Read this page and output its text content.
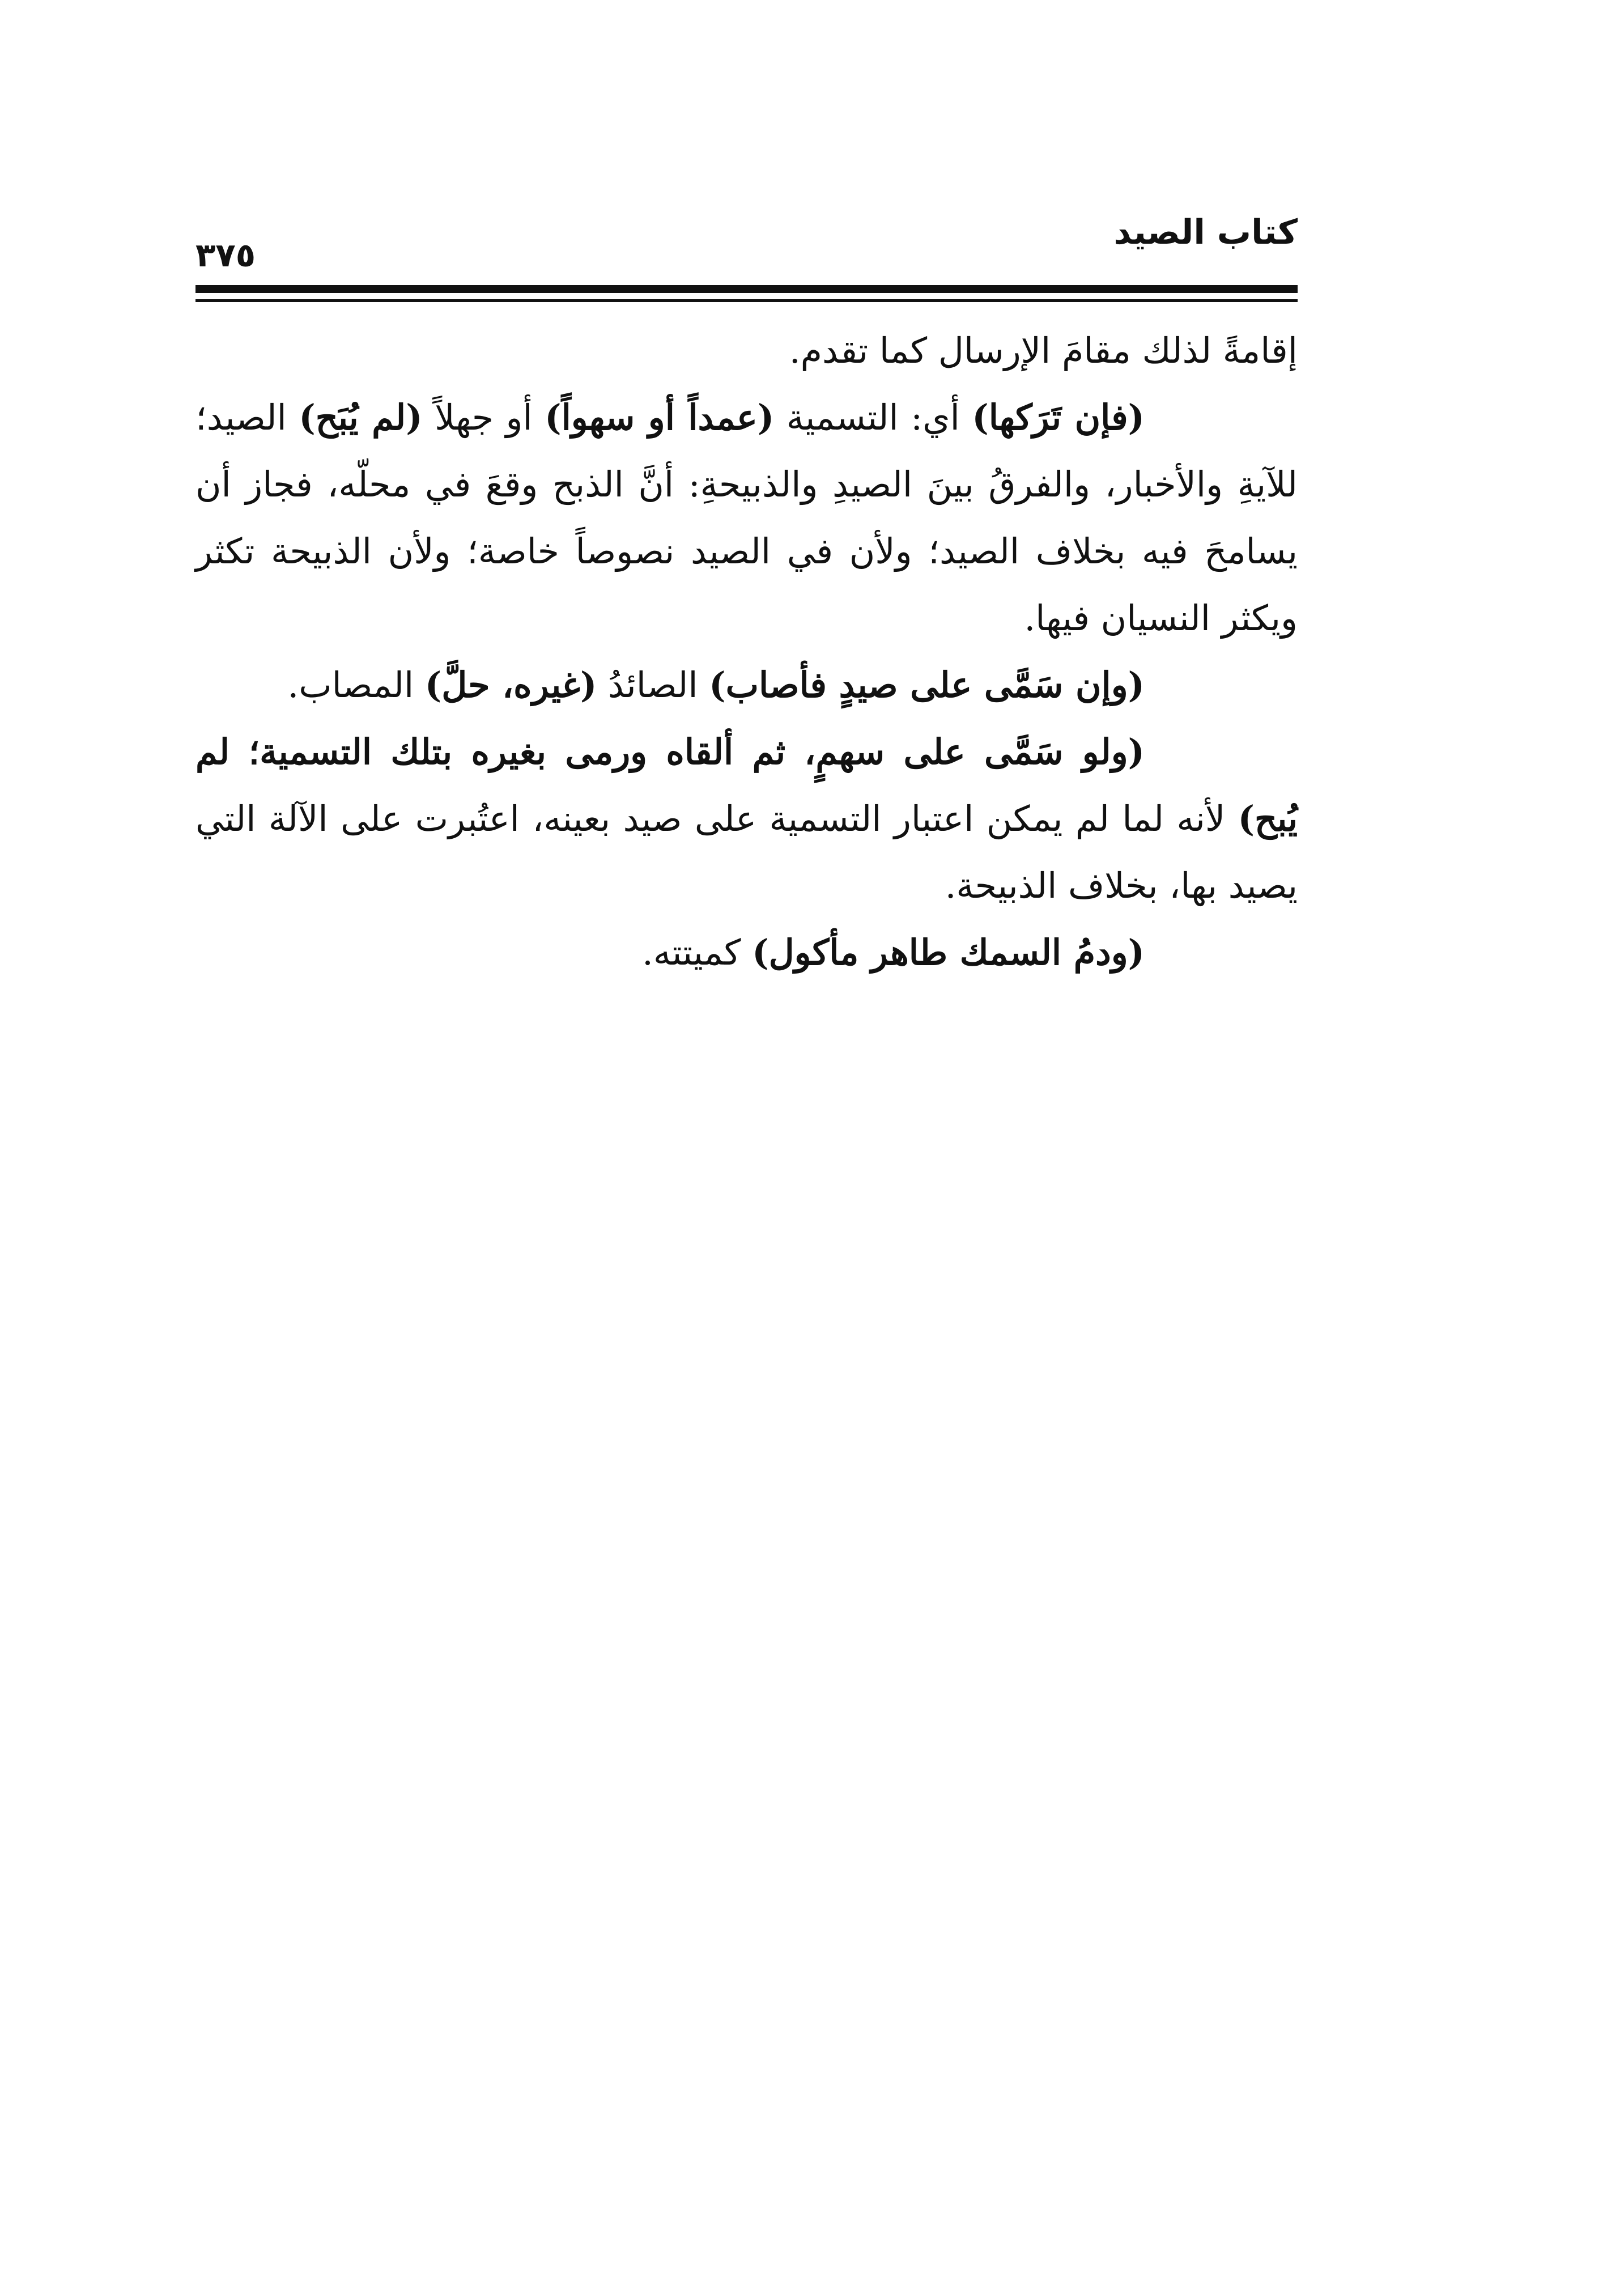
كتاب الصيد
٣٧٥

إقامةً لذلك مقامَ الإرسال كما تقدم.

(فإن تَرَكها) أي: التسمية (عمداً أو سهواً) أو جهلاً (لم يُبَح) الصيد؛ للآيةِ والأخبار، والفرقُ بينَ الصيدِ والذبيحةِ: أنَّ الذبح وقعَ في محلّه، فجاز أن يسامحَ فيه بخلاف الصيد؛ ولأن في الصيد نصوصاً خاصة؛ ولأن الذبيحة تكثر ويكثر النسيان فيها.

(وإن سَمَّى على صيدٍ فأصاب) الصائدُ (غيره، حلَّ) المصاب.

(ولو سَمَّى على سهمٍ، ثم ألقاه ورمى بغيره بتلك التسمية؛ لم يُبح) لأنه لما لم يمكن اعتبار التسمية على صيد بعينه، اعتُبرت على الآلة التي يصيد بها، بخلاف الذبيحة.

(ودمُ السمك طاهر مأكول) كميتته.
